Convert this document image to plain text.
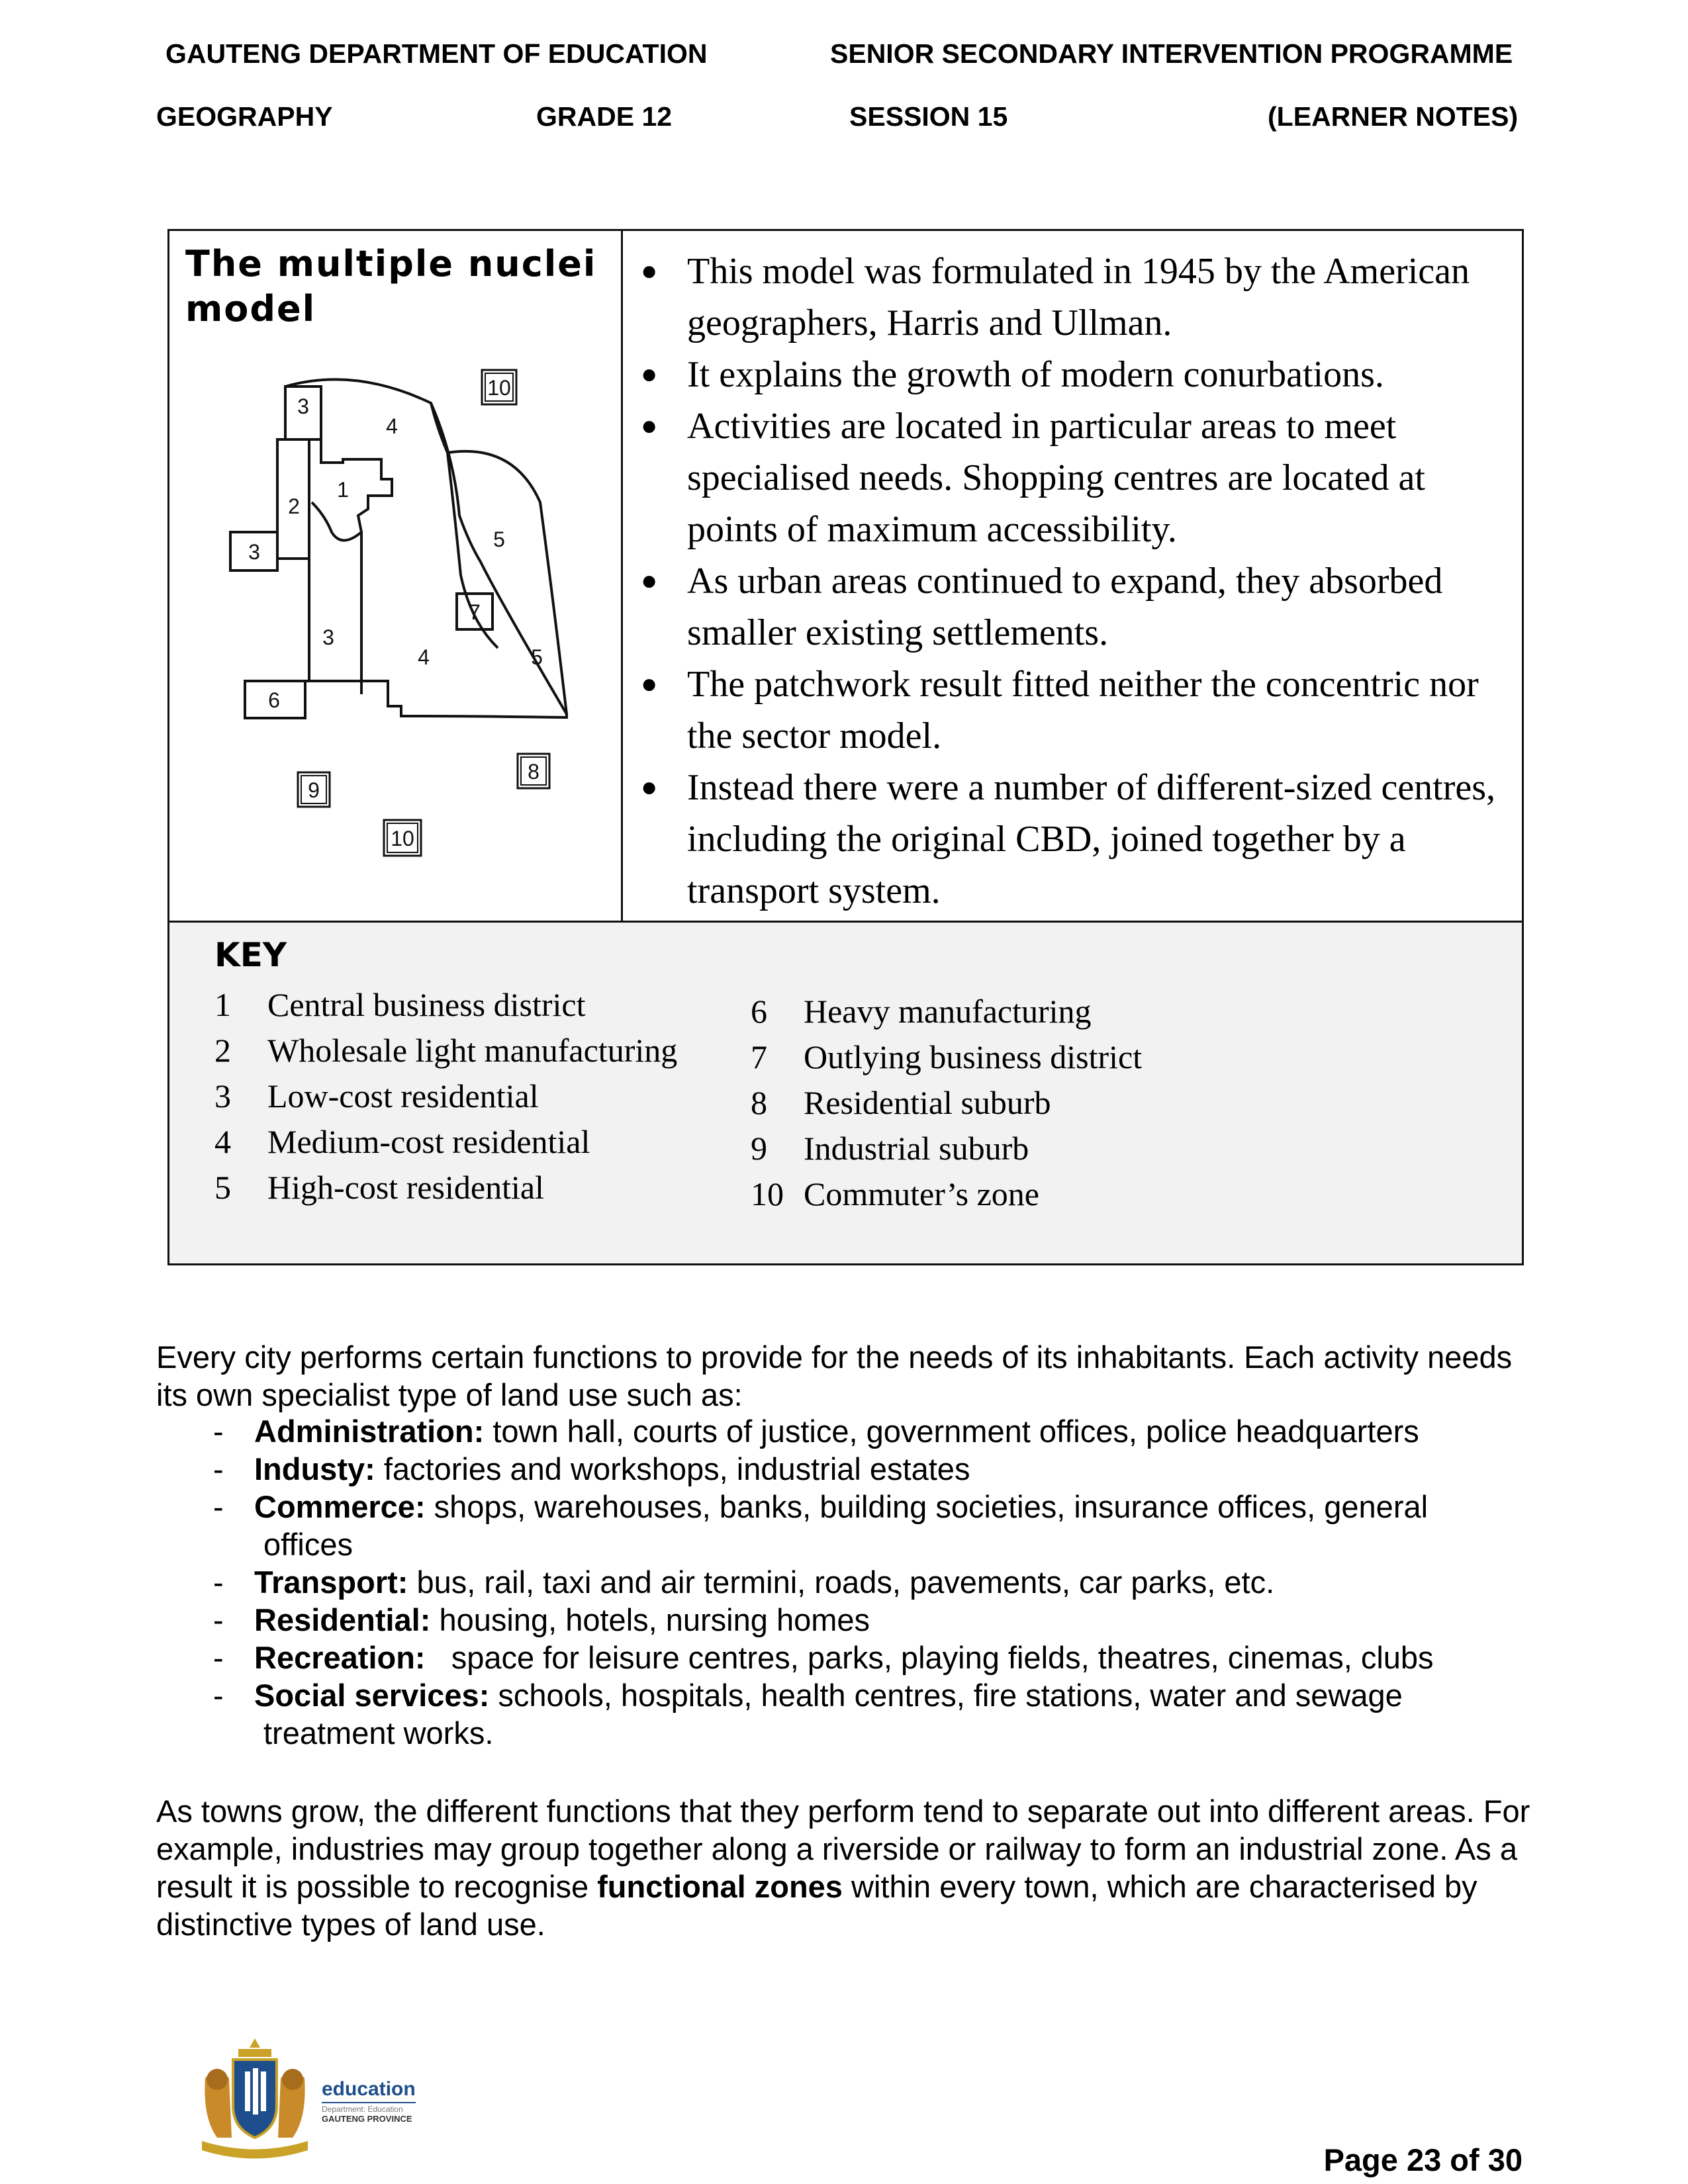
GAUTENG DEPARTMENT OF EDUCATION	SENIOR SECONDARY INTERVENTION PROGRAMME
GEOGRAPHY	GRADE 12	SESSION 15	(LEARNER NOTES)
The multiple nuclei
model
3
4
10
1
2
5
3
7
3
4	5
6
8
9
10
● This model was formulated in 1945 by the American geographers, Harris and Ullman.
● It explains the growth of modern conurbations.
● Activities are located in particular areas to meet specialised needs. Shopping centres are located at points of maximum accessibility.
● As urban areas continued to expand, they absorbed smaller existing settlements.
● The patchwork result fitted neither the concentric nor the sector model.
● Instead there were a number of different-sized centres, including the original CBD, joined together by a transport system.
KEY
1	Central business district
2	Wholesale light manufacturing
3	Low-cost residential
4	Medium-cost residential
5	High-cost residential
6	Heavy manufacturing
7	Outlying business district
8	Residential suburb
9	Industrial suburb
10 Commuter’s zone

Every city performs certain functions to provide for the needs of its inhabitants. Each activity needs its own specialist type of land use such as:

- Administration: town hall, courts of justice, government offices, police headquarters
- Industy: factories and workshops, industrial estates
- Commerce: shops, warehouses, banks, building societies, insurance offices, general
offices
- Transport: bus, rail, taxi and air termini, roads, pavements, car parks, etc.
- Residential: housing, hotels, nursing homes
- Recreation:   space for leisure centres, parks, playing fields, theatres, cinemas, clubs
- Social services: schools, hospitals, health centres, fire stations, water and sewage
treatment works.

As towns grow, the different functions that they perform tend to separate out into different areas. For example, industries may group together along a riverside or railway to form an industrial zone. As a result it is possible to recognise functional zones within every town, which are characterised by distinctive types of land use.

education
Department: Education
GAUTENG PROVINCE
Page 23 of 30
